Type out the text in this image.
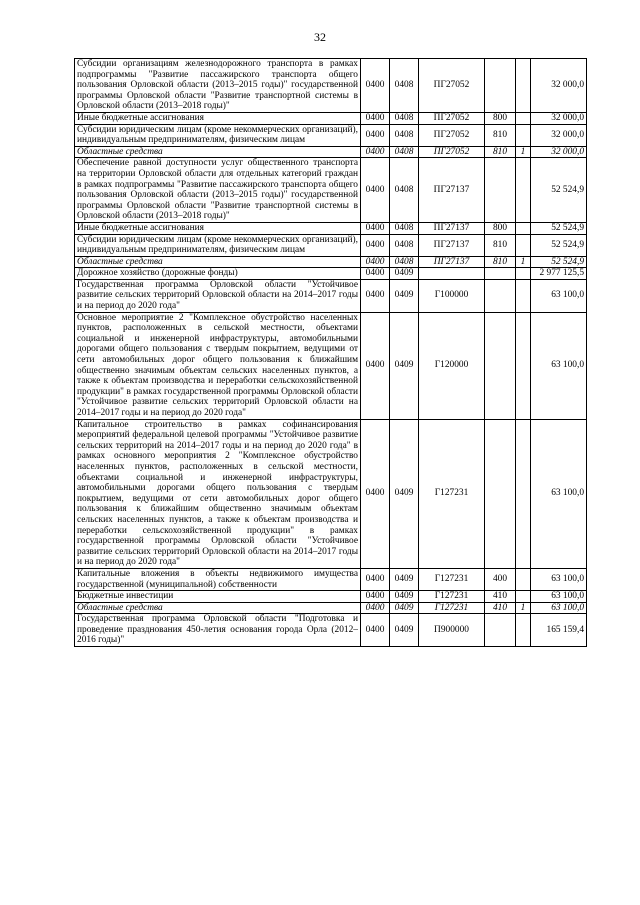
32
Субсидии организациям железнодорожного транспорта в рамках подпрограммы "Развитие пассажирского транспорта общего пользования Орловской области (2013–2015 годы)" государственной программы Орловской области "Развитие транспортной системы в Орловской области (2013–2018 годы)"	0400	0408	ПГ27052			32 000,0
Иные бюджетные ассигнования	0400	0408	ПГ27052	800		32 000,0
Субсидии юридическим лицам (кроме некоммерческих организаций), индивидуальным предпринимателям, физическим лицам	0400	0408	ПГ27052	810		32 000,0
Областные средства	0400	0408	ПГ27052	810	1	32 000,0
Обеспечение равной доступности услуг общественного транспорта на территории Орловской области для отдельных категорий граждан в рамках подпрограммы "Развитие пассажирского транспорта общего пользования Орловской области (2013–2015 годы)" государственной программы Орловской области "Развитие транспортной системы в Орловской области (2013–2018 годы)"	0400	0408	ПГ27137			52 524,9
Иные бюджетные ассигнования	0400	0408	ПГ27137	800		52 524,9
Субсидии юридическим лицам (кроме некоммерческих организаций), индивидуальным предпринимателям, физическим лицам	0400	0408	ПГ27137	810		52 524,9
Областные средства	0400	0408	ПГ27137	810	1	52 524,9
Дорожное хозяйство (дорожные фонды)	0400	0409				2 977 125,5
Государственная программа Орловской области "Устойчивое развитие сельских территорий Орловской области на 2014–2017 годы и на период до 2020 года"	0400	0409	Г100000			63 100,0
Основное мероприятие 2 "Комплексное обустройство населенных пунктов, расположенных в сельской местности, объектами социальной и инженерной инфраструктуры, автомобильными дорогами общего пользования с твердым покрытием, ведущими от сети автомобильных дорог общего пользования к ближайшим общественно значимым объектам сельских населенных пунктов, а также к объектам производства и переработки сельскохозяйственной продукции" в рамках государственной программы Орловской области "Устойчивое развитие сельских территорий Орловской области на 2014–2017 годы и на период до 2020 года"	0400	0409	Г120000			63 100,0
Капитальное строительство в рамках софинансирования мероприятий федеральной целевой программы "Устойчивое развитие сельских территорий на 2014–2017 годы и на период до 2020 года" в рамках основного мероприятия 2 "Комплексное обустройство населенных пунктов, расположенных в сельской местности, объектами социальной и инженерной инфраструктуры, автомобильными дорогами общего пользования с твердым покрытием, ведущими от сети автомобильных дорог общего пользования к ближайшим общественно значимым объектам сельских населенных пунктов, а также к объектам производства и переработки сельскохозяйственной продукции" в рамках государственной программы Орловской области "Устойчивое развитие сельских территорий Орловской области на 2014–2017 годы и на период до 2020 года"	0400	0409	Г127231			63 100,0
Капитальные вложения в объекты недвижимого имущества государственной (муниципальной) собственности	0400	0409	Г127231	400		63 100,0
Бюджетные инвестиции	0400	0409	Г127231	410		63 100,0
Областные средства	0400	0409	Г127231	410	1	63 100,0
Государственная программа Орловской области "Подготовка и проведение празднования 450-летия основания города Орла (2012–2016 годы)"	0400	0409	П900000			165 159,4
